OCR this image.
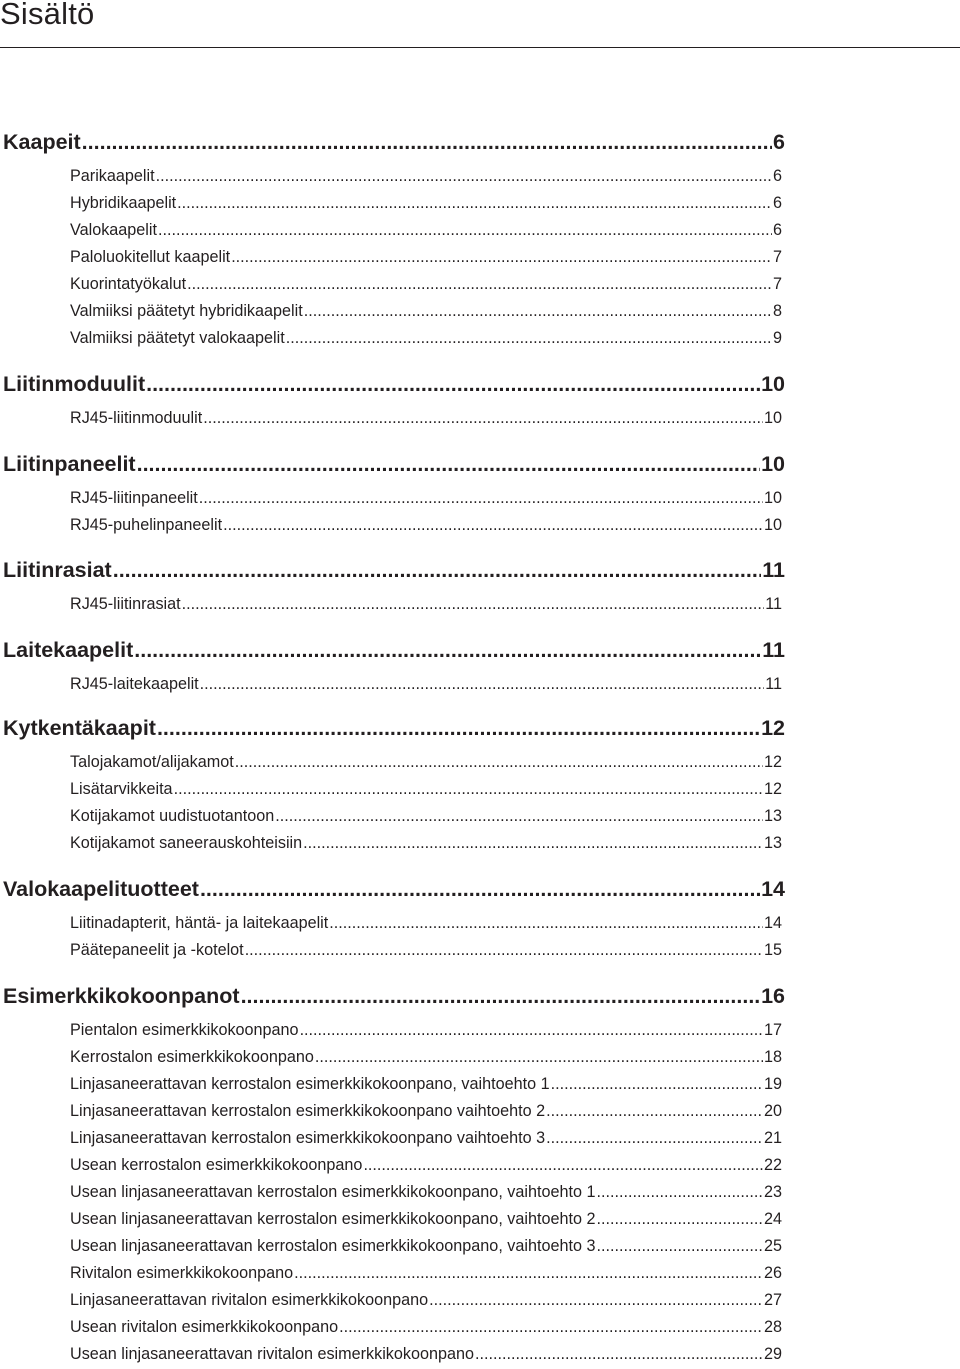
Sisältö
Kaapeit .....	6
Parikaapelit .....	6
Hybridikaapelit .....	6
Valokaapelit .....	6
Paloluokitellut kaapelit .....	7
Kuorintatyökalut .....	7
Valmiiksi päätetyt hybridikaapelit .....	8
Valmiiksi päätetyt valokaapelit .....	9
Liitinmoduulit .....	10
RJ45-liitinmoduulit .....	10
Liitinpaneelit .....	10
RJ45-liitinpaneelit .....	10
RJ45-puhelinpaneelit .....	10
Liitinrasiat .....	11
RJ45-liitinrasiat .....	11
Laitekaapelit .....	11
RJ45-laitekaapelit .....	11
Kytkentäkaapit .....	12
Talojakamot/alijakamot .....	12
Lisätarvikkeita .....	12
Kotijakamot uudistuotantoon .....	13
Kotijakamot saneerauskohteisiin .....	13
Valokaapelituotteet .....	14
Liitinadapterit, häntä- ja laitekaapelit .....	14
Päätepaneelit ja -kotelot .....	15
Esimerkkikokoonpanot .....	16
Pientalon esimerkkikokoonpano .....	17
Kerrostalon esimerkkikokoonpano .....	18
Linjasaneerattavan kerrostalon esimerkkikokoonpano, vaihtoehto 1 .....	19
Linjasaneerattavan kerrostalon esimerkkikokoonpano vaihtoehto 2 .....	20
Linjasaneerattavan kerrostalon esimerkkikokoonpano vaihtoehto 3 .....	21
Usean kerrostalon esimerkkikokoonpano .....	22
Usean linjasaneerattavan kerrostalon esimerkkikokoonpano, vaihtoehto 1 .....	23
Usean linjasaneerattavan kerrostalon esimerkkikokoonpano, vaihtoehto 2 .....	24
Usean linjasaneerattavan kerrostalon esimerkkikokoonpano, vaihtoehto 3 .....	25
Rivitalon esimerkkikokoonpano .....	26
Linjasaneerattavan rivitalon esimerkkikokoonpano .....	27
Usean rivitalon esimerkkikokoonpano .....	28
Usean linjasaneerattavan rivitalon esimerkkikokoonpano .....	29
